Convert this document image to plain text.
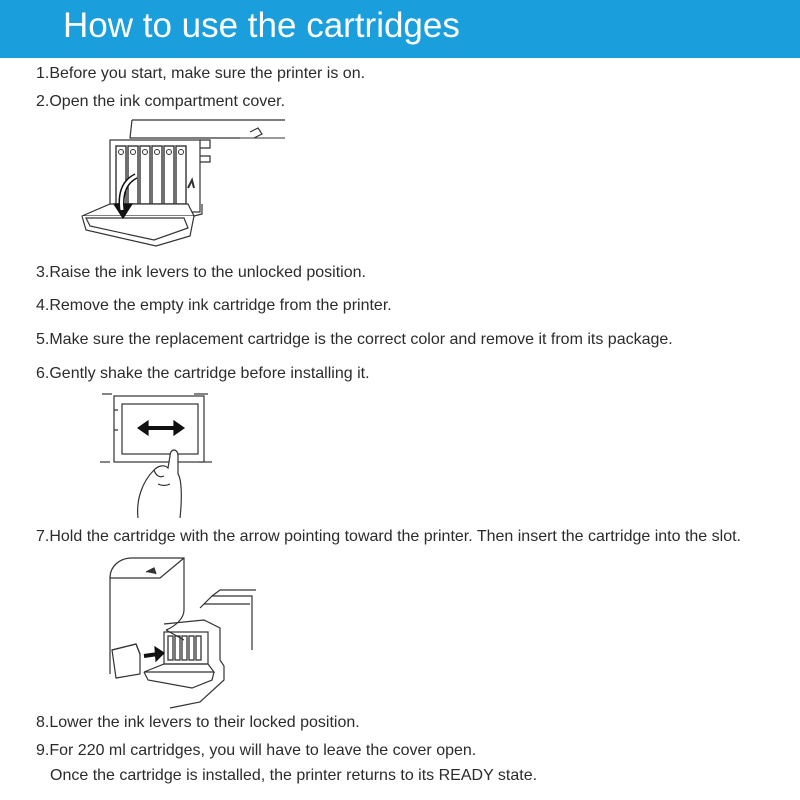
How to use the cartridges
1.Before you start, make sure the printer is on.
2.Open the ink compartment cover.
3.Raise the ink levers to the unlocked position.
4.Remove the empty ink cartridge from the printer.
5.Make sure the replacement cartridge is the correct color and remove it from its package.
6.Gently shake the cartridge before installing it.
7.Hold the cartridge with the arrow pointing toward the printer. Then insert the cartridge into the slot.
8.Lower the ink levers to their locked position.
9.For 220 ml cartridges, you will have to leave the cover open.
Once the cartridge is installed, the printer returns to its READY state.
